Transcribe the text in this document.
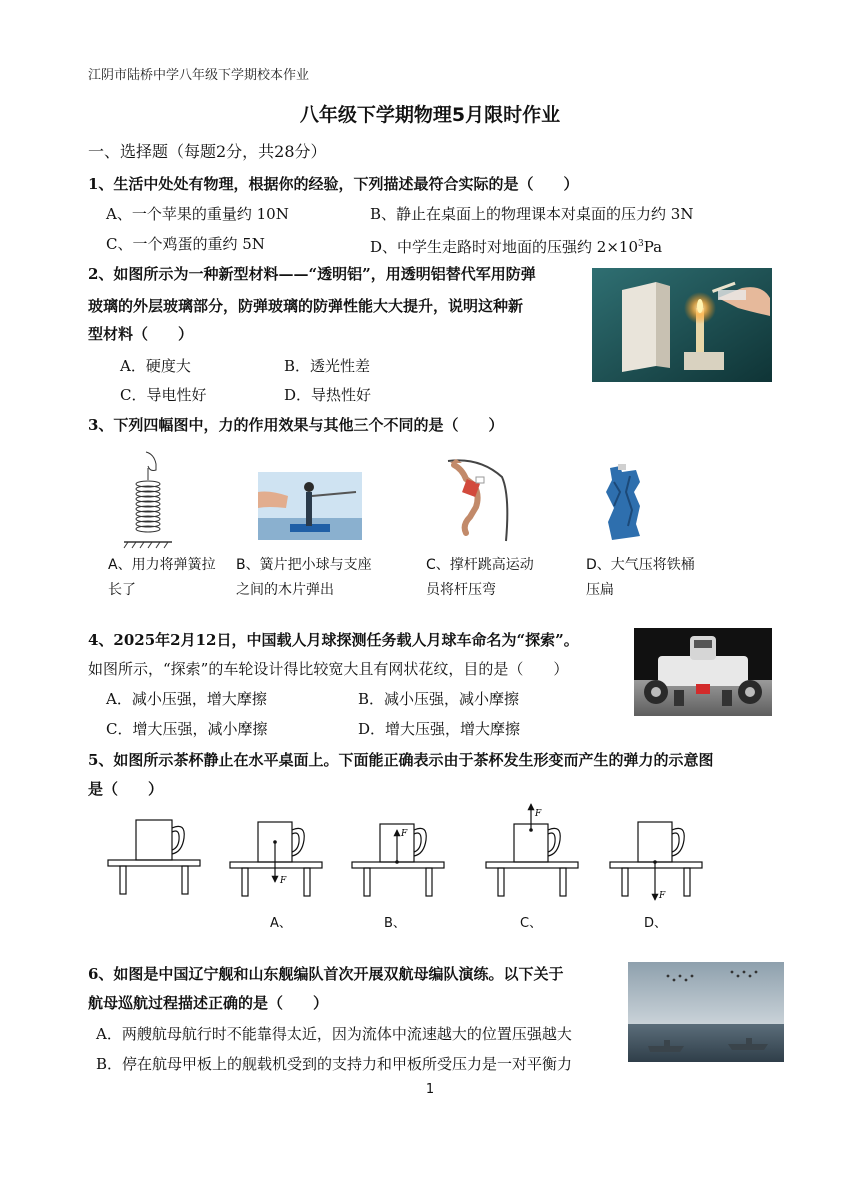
江阴市陆桥中学八年级下学期校本作业
八年级下学期物理5月限时作业
一、选择题（每题2分，共28分）
1、生活中处处有物理，根据你的经验，下列描述最符合实际的是（　　）
A、一个苹果的重量约 10N	B、静止在桌面上的物理课本对桌面的压力约 3N
C、一个鸡蛋的重约 5N	D、中学生走路时对地面的压强约 $2\times 10^3Pa$
2、如图所示为一种新型材料——“透明铝”，用透明铝替代军用防弹
玻璃的外层玻璃部分，防弹玻璃的防弹性能大大提升，说明这种新
型材料（　　）
A．硬度大	B．透光性差
C．导电性好	D．导热性好
3、下列四幅图中，力的作用效果与其他三个不同的是（　　）
A、用力将弹簧拉长了
B、簧片把小球与支座之间的木片弹出
C、撑杆跳高运动员将杆压弯
D、大气压将铁桶压扁
4、2025年2月12日，中国载人月球探测任务载人月球车命名为“探索”。
如图所示，“探索”的车轮设计得比较宽大且有网状花纹，目的是（　　）
A．减小压强，增大摩擦	B．减小压强，减小摩擦
C．增大压强，减小摩擦	D．增大压强，增大摩擦
5、如图所示茶杯静止在水平桌面上。下面能正确表示由于茶杯发生形变而产生的弹力的示意图
是（　　）
F
F
F
F
A、	B、	C、	D、
6、如图是中国辽宁舰和山东舰编队首次开展双航母编队演练。以下关于
航母巡航过程描述正确的是（　　）
A．两艘航母航行时不能靠得太近，因为流体中流速越大的位置压强越大
B．停在航母甲板上的舰载机受到的支持力和甲板所受压力是一对平衡力
1
